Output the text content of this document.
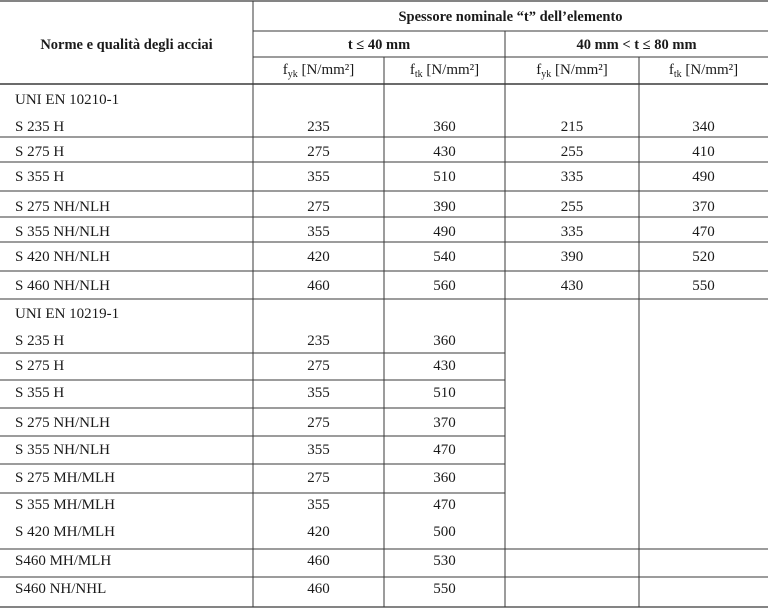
Norme e qualità degli acciai
Spessore nominale “t” dell’elemento
t ≤ 40 mm	40 mm < t ≤ 80 mm
$f_{yk}$ [N/mm²]	$f_{tk}$ [N/mm²]	$f_{yk}$ [N/mm²]	$f_{tk}$ [N/mm²]
UNI EN 10210-1
S 235 H	235	360	215	340
S 275 H	275	430	255	410
S 355 H	355	510	335	490
S 275 NH/NLH	275	390	255	370
S 355 NH/NLH	355	490	335	470
S 420 NH/NLH	420	540	390	520
S 460 NH/NLH	460	560	430	550
UNI EN 10219-1
S 235 H	235	360
S 275 H	275	430
S 355 H	355	510
S 275 NH/NLH	275	370
S 355 NH/NLH	355	470
S 275 MH/MLH	275	360
S 355 MH/MLH	355	470
S 420 MH/MLH	420	500
S460 MH/MLH	460	530
S460 NH/NHL	460	550
